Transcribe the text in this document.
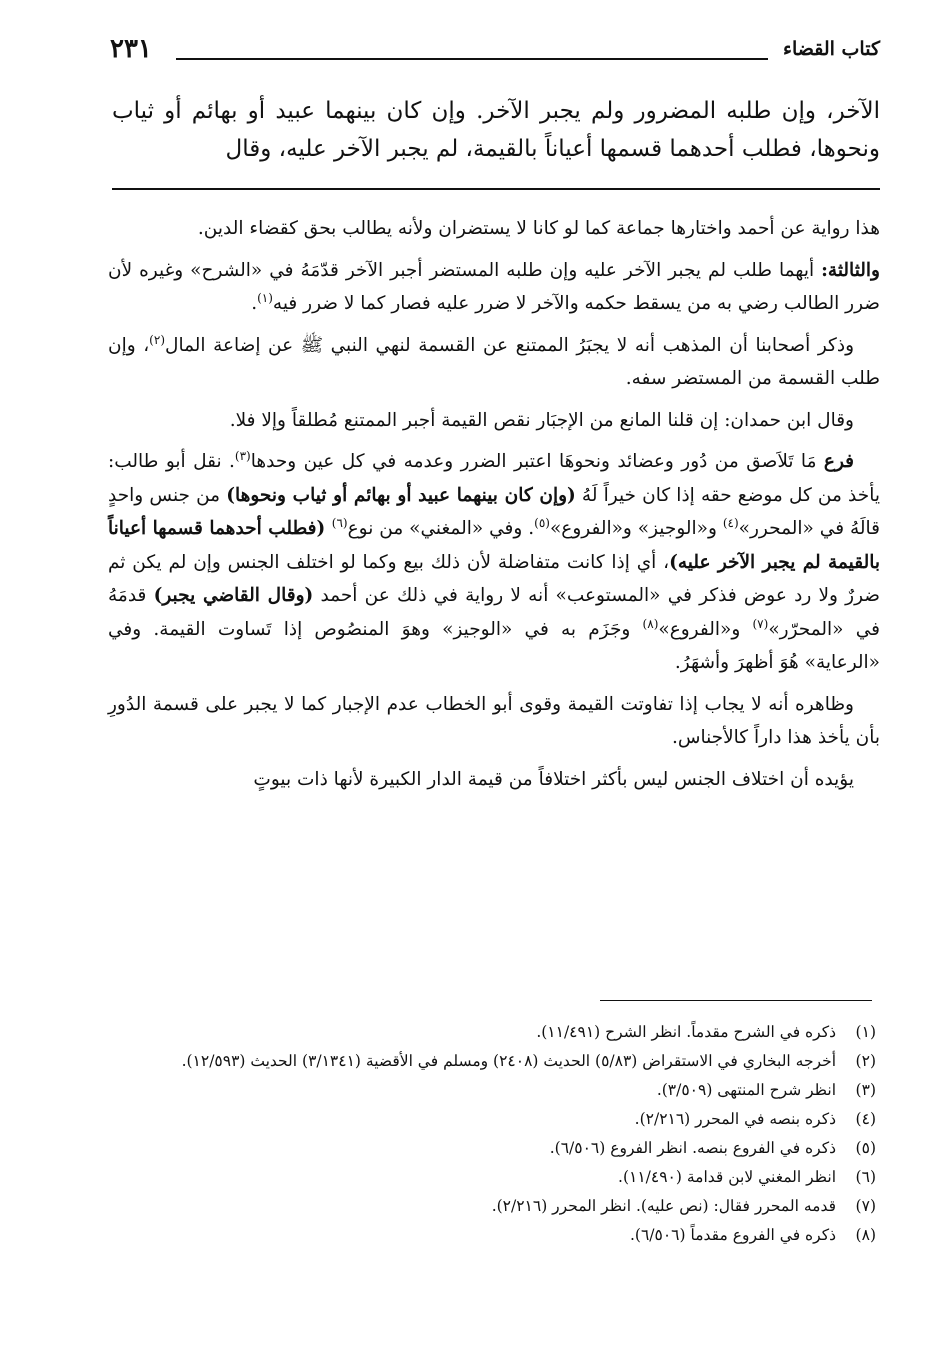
كتاب القضاء
٢٣١

الآخر، وإن طلبه المضرور ولم يجبر الآخر. وإن كان بينهما عبيد أو بهائم أو ثياب ونحوها، فطلب أحدهما قسمها أعياناً بالقيمة، لم يجبر الآخر عليه، وقال

هذا رواية عن أحمد واختارها جماعة كما لو كانا لا يستضران ولأنه يطالب بحق كقضاء الدين.

والثالثة: أيهما طلب لم يجبر الآخر عليه وإن طلبه المستضر أجبر الآخر قدّمَهُ في «الشرح» وغيره لأن ضرر الطالب رضي به من يسقط حكمه والآخر لا ضرر عليه فصار كما لا ضرر فيه$^{(١)}$.

وذكر أصحابنا أن المذهب أنه لا يجبَرُ الممتنع عن القسمة لنهي النبي ﷺ عن إضاعة المال$^{(٢)}$، وإن طلب القسمة من المستضر سفه.

وقال ابن حمدان: إن قلنا المانع من الإجبَار نقص القيمة أجبر الممتنع مُطلقاً وإلا فلا.

فرع مَا تَلاَصق من دُور وعضائد ونحوهَا اعتبر الضرر وعدمه في كل عين وحدها$^{(٣)}$. نقل أبو طالب: يأخذ من كل موضع حقه إذا كان خيراً لَهُ (وإن كان بينهما عبيد أو بهائم أو ثياب ونحوها) من جنس واحدٍ قالَهُ في «المحرر»$^{(٤)}$ و«الوجيز» و«الفروع»$^{(٥)}$. وفي «المغني» من نوع$^{(٦)}$ (فطلب أحدهما قسمها أعياناً بالقيمة لم يجبر الآخر عليه)، أي إذا كانت متفاضلة لأن ذلك بيع وكما لو اختلف الجنس وإن لم يكن ثم ضررٌ ولا رد عوض فذكر في «المستوعب» أنه لا رواية في ذلك عن أحمد (وقال القاضي يجبر) قدمَهُ في «المحرّر»$^{(٧)}$ و«الفروع»$^{(٨)}$ وجَزَم به في «الوجيز» وهوَ المنصُوص إذا تَساوت القيمة. وفي «الرعاية» هُوَ أظهرَ وأشهَرُ.

وظاهره أنه لا يجاب إذا تفاوتت القيمة وقوى أبو الخطاب عدم الإجبار كما لا يجبر على قسمة الدُورِ بأن يأخذ هذا داراً كالأجناس.

يؤيده أن اختلاف الجنس ليس بأكثر اختلافاً من قيمة الدار الكبيرة لأنها ذات بيوتٍ

(١)
ذكره في الشرح مقدماً. انظر الشرح (١١/٤٩١).
(٢)
أخرجه البخاري في الاستقراض (٥/٨٣) الحديث (٢٤٠٨) ومسلم في الأقضية (٣/١٣٤١) الحديث (١٢/٥٩٣).
(٣)
انظر شرح المنتهى (٣/٥٠٩).
(٤)
ذكره بنصه في المحرر (٢/٢١٦).
(٥)
ذكره في الفروع بنصه. انظر الفروع (٦/٥٠٦).
(٦)
انظر المغني لابن قدامة (١١/٤٩٠).
(٧)
قدمه المحرر فقال: (نص عليه). انظر المحرر (٢/٢١٦).
(٨)
ذكره في الفروع مقدماً (٦/٥٠٦).
